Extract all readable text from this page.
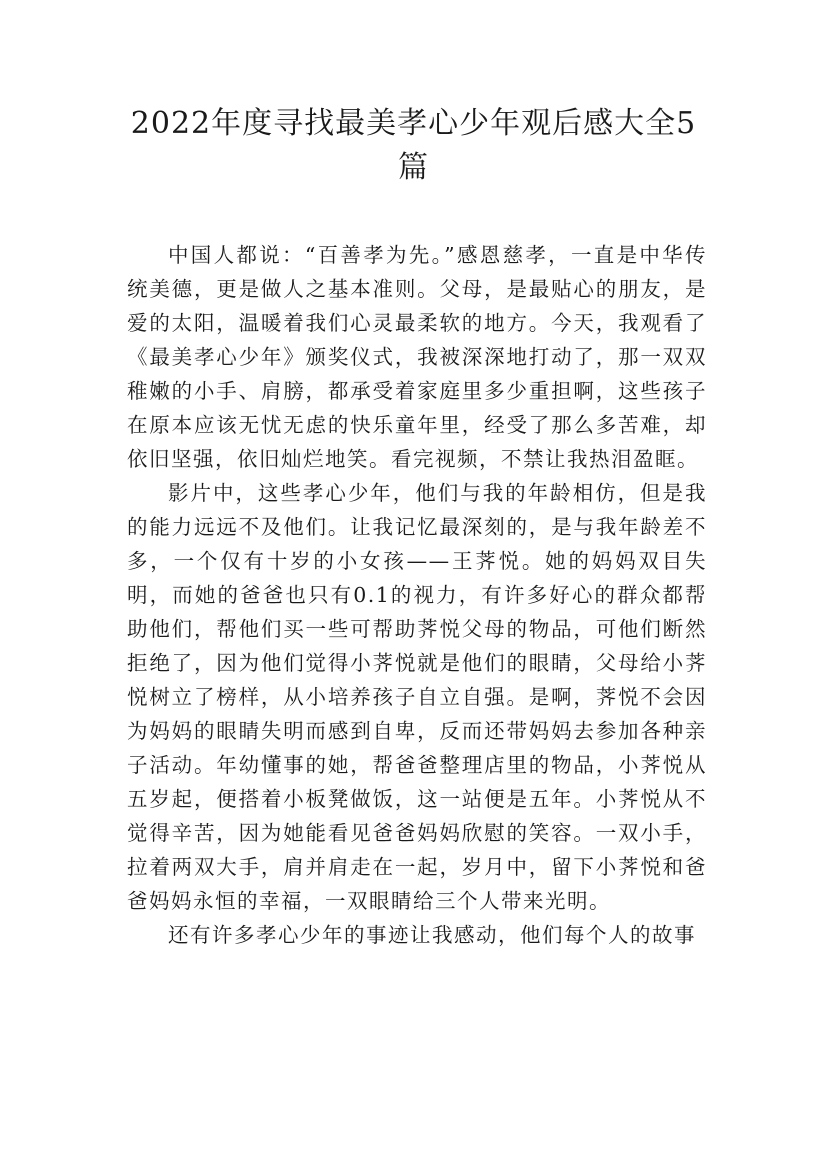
2022年度寻找最美孝心少年观后感大全5
篇

中国人都说：“百善孝为先。”感恩慈孝，一直是中华传统美德，更是做人之基本准则。父母，是最贴心的朋友，是爱的太阳，温暖着我们心灵最柔软的地方。今天，我观看了《最美孝心少年》颁奖仪式，我被深深地打动了，那一双双稚嫩的小手、肩膀，都承受着家庭里多少重担啊，这些孩子在原本应该无忧无虑的快乐童年里，经受了那么多苦难，却依旧坚强，依旧灿烂地笑。看完视频，不禁让我热泪盈眶。

影片中，这些孝心少年，他们与我的年龄相仿，但是我的能力远远不及他们。让我记忆最深刻的，是与我年龄差不多，一个仅有十岁的小女孩——王荠悦。她的妈妈双目失明，而她的爸爸也只有0.1的视力，有许多好心的群众都帮助他们，帮他们买一些可帮助荠悦父母的物品，可他们断然拒绝了，因为他们觉得小荠悦就是他们的眼睛，父母给小荠悦树立了榜样，从小培养孩子自立自强。是啊，荠悦不会因为妈妈的眼睛失明而感到自卑，反而还带妈妈去参加各种亲子活动。年幼懂事的她，帮爸爸整理店里的物品，小荠悦从五岁起，便搭着小板凳做饭，这一站便是五年。小荠悦从不觉得辛苦，因为她能看见爸爸妈妈欣慰的笑容。一双小手，拉着两双大手，肩并肩走在一起，岁月中，留下小荠悦和爸爸妈妈永恒的幸福，一双眼睛给三个人带来光明。

还有许多孝心少年的事迹让我感动，他们每个人的故事
